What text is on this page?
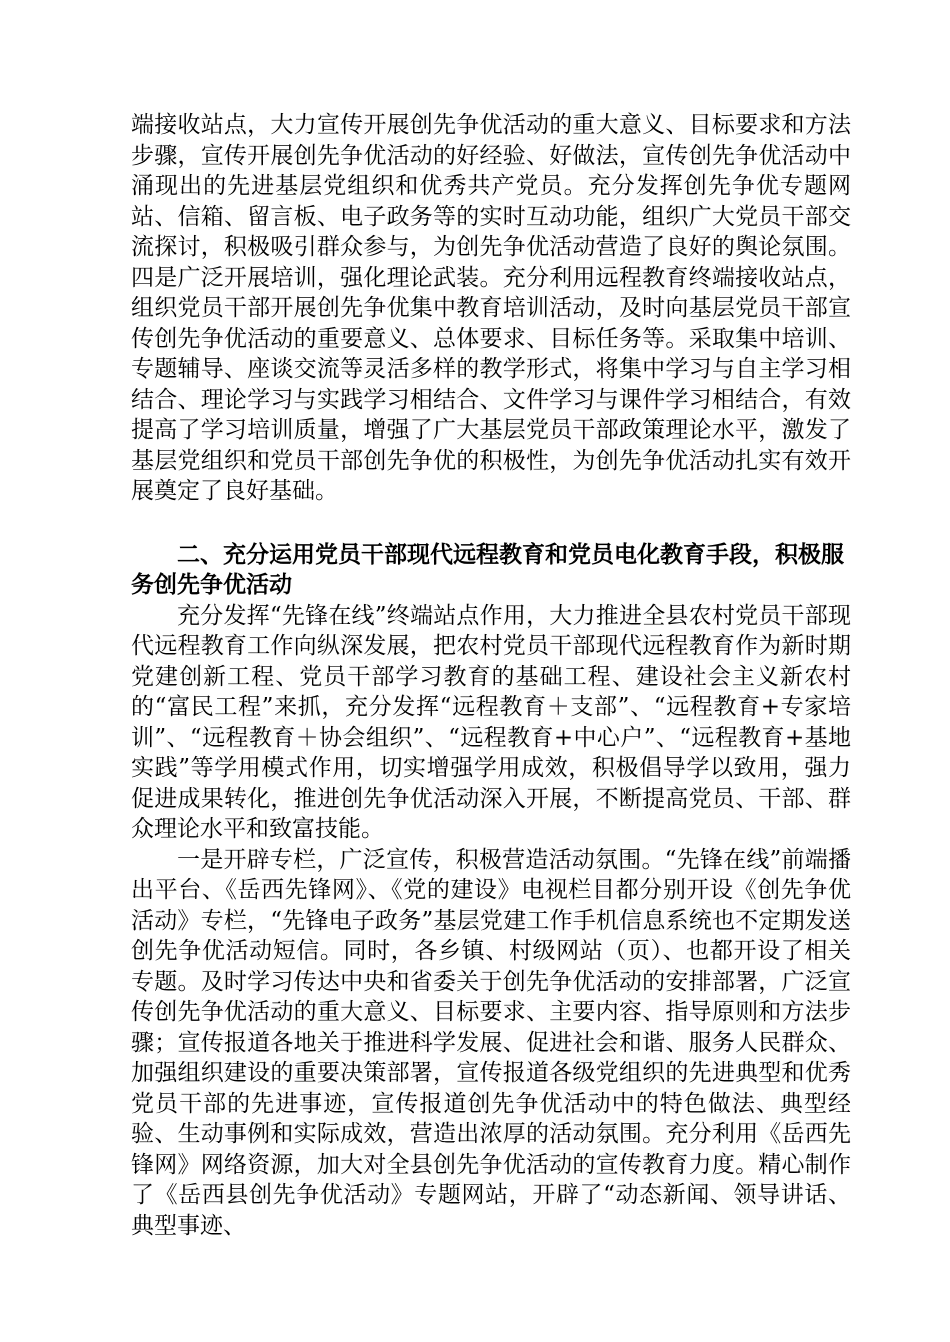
端接收站点，大力宣传开展创先争优活动的重大意义、目标要求和方法步骤，宣传开展创先争优活动的好经验、好做法，宣传创先争优活动中涌现出的先进基层党组织和优秀共产党员。充分发挥创先争优专题网站、信箱、留言板、电子政务等的实时互动功能，组织广大党员干部交流探讨，积极吸引群众参与，为创先争优活动营造了良好的舆论氛围。四是广泛开展培训，强化理论武装。充分利用远程教育终端接收站点，组织党员干部开展创先争优集中教育培训活动，及时向基层党员干部宣传创先争优活动的重要意义、总体要求、目标任务等。采取集中培训、专题辅导、座谈交流等灵活多样的教学形式，将集中学习与自主学习相结合、理论学习与实践学习相结合、文件学习与课件学习相结合，有效提高了学习培训质量，增强了广大基层党员干部政策理论水平，激发了基层党组织和党员干部创先争优的积极性，为创先争优活动扎实有效开展奠定了良好基础。

二、充分运用党员干部现代远程教育和党员电化教育手段，积极服务创先争优活动

充分发挥“先锋在线”终端站点作用，大力推进全县农村党员干部现代远程教育工作向纵深发展，把农村党员干部现代远程教育作为新时期党建创新工程、党员干部学习教育的基础工程、建设社会主义新农村的“富民工程”来抓，充分发挥“远程教育＋支部”、“远程教育+专家培训”、“远程教育＋协会组织”、“远程教育+中心户”、“远程教育+基地实践”等学用模式作用，切实增强学用成效，积极倡导学以致用，强力促进成果转化，推进创先争优活动深入开展，不断提高党员、干部、群众理论水平和致富技能。

一是开辟专栏，广泛宣传，积极营造活动氛围。“先锋在线”前端播出平台、《岳西先锋网》、《党的建设》电视栏目都分别开设《创先争优活动》专栏，“先锋电子政务”基层党建工作手机信息系统也不定期发送创先争优活动短信。同时，各乡镇、村级网站（页）、也都开设了相关专题。及时学习传达中央和省委关于创先争优活动的安排部署，广泛宣传创先争优活动的重大意义、目标要求、主要内容、指导原则和方法步骤；宣传报道各地关于推进科学发展、促进社会和谐、服务人民群众、加强组织建设的重要决策部署，宣传报道各级党组织的先进典型和优秀党员干部的先进事迹，宣传报道创先争优活动中的特色做法、典型经验、生动事例和实际成效，营造出浓厚的活动氛围。充分利用《岳西先锋网》网络资源，加大对全县创先争优活动的宣传教育力度。精心制作了《岳西县创先争优活动》专题网站，开辟了“动态新闻、领导讲话、典型事迹、
